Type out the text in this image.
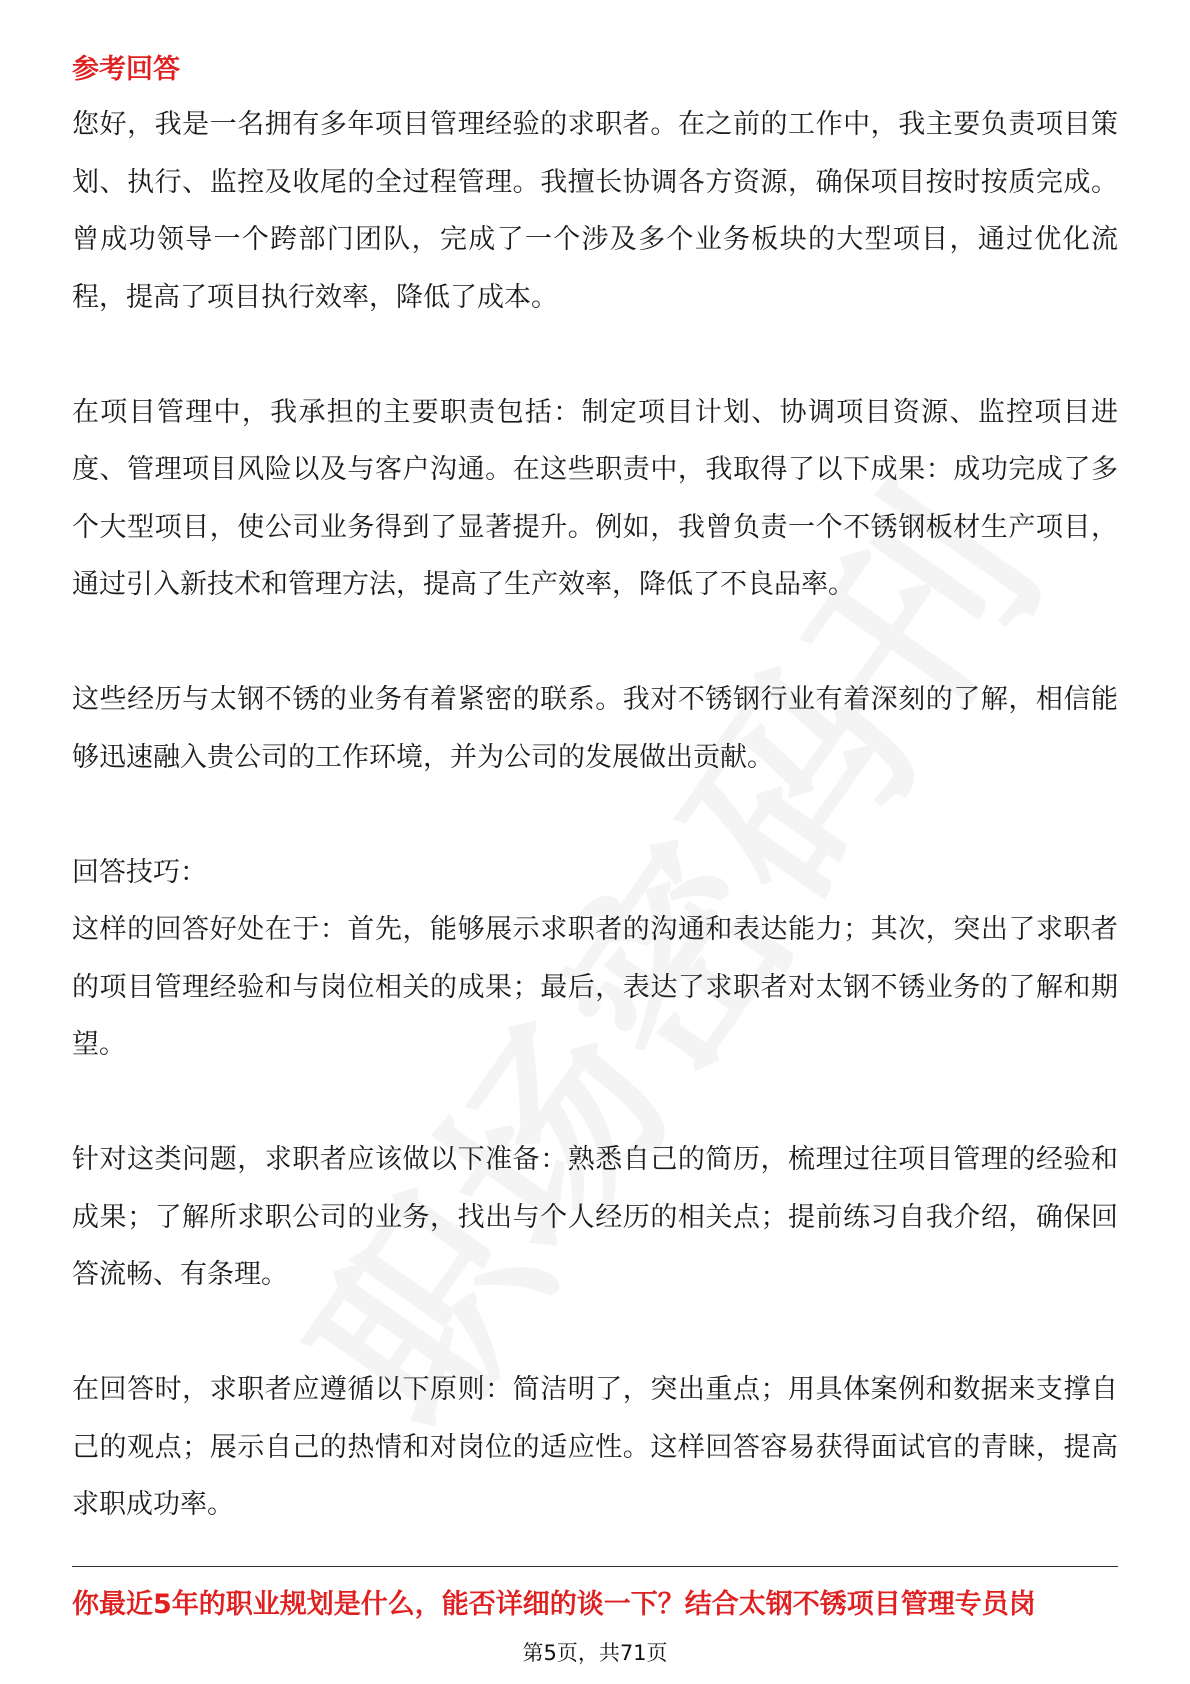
参考回答

您好，我是一名拥有多年项目管理经验的求职者。在之前的工作中，我主要负责项目策划、执行、监控及收尾的全过程管理。我擅长协调各方资源，确保项目按时按质完成。曾成功领导一个跨部门团队，完成了一个涉及多个业务板块的大型项目，通过优化流程，提高了项目执行效率，降低了成本。

在项目管理中，我承担的主要职责包括：制定项目计划、协调项目资源、监控项目进度、管理项目风险以及与客户沟通。在这些职责中，我取得了以下成果：成功完成了多个大型项目，使公司业务得到了显著提升。例如，我曾负责一个不锈钢板材生产项目，通过引入新技术和管理方法，提高了生产效率，降低了不良品率。

这些经历与太钢不锈的业务有着紧密的联系。我对不锈钢行业有着深刻的了解，相信能够迅速融入贵公司的工作环境，并为公司的发展做出贡献。

回答技巧：

这样的回答好处在于：首先，能够展示求职者的沟通和表达能力；其次，突出了求职者的项目管理经验和与岗位相关的成果；最后，表达了求职者对太钢不锈业务的了解和期望。

针对这类问题，求职者应该做以下准备：熟悉自己的简历，梳理过往项目管理的经验和成果；了解所求职公司的业务，找出与个人经历的相关点；提前练习自我介绍，确保回答流畅、有条理。

在回答时，求职者应遵循以下原则：简洁明了，突出重点；用具体案例和数据来支撑自己的观点；展示自己的热情和对岗位的适应性。这样回答容易获得面试官的青睐，提高求职成功率。

你最近5年的职业规划是什么，能否详细的谈一下？结合太钢不锈项目管理专员岗
第5页，共71页
